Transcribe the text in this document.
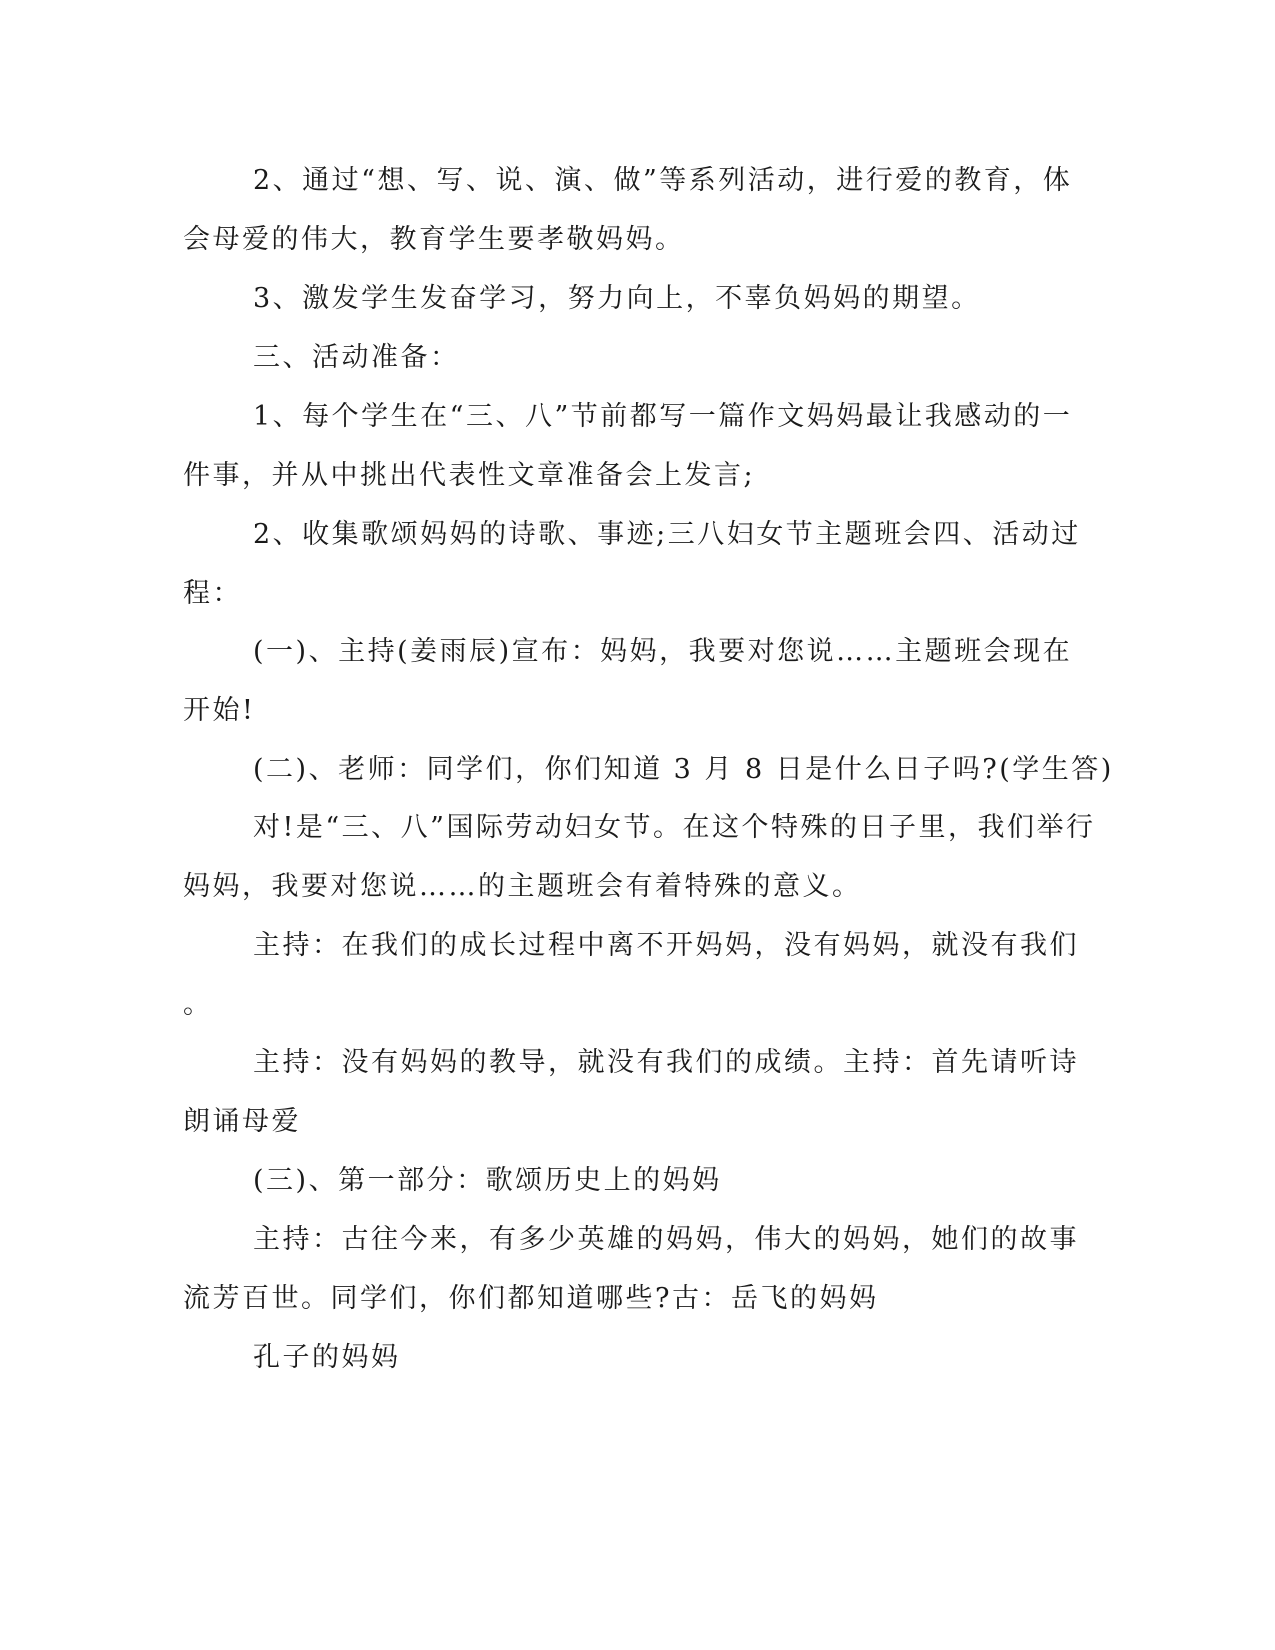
2、通过“想、写、说、演、做”等系列活动，进行爱的教育，体
会母爱的伟大，教育学生要孝敬妈妈。
3、激发学生发奋学习，努力向上，不辜负妈妈的期望。
三、活动准备：
1、每个学生在“三、八”节前都写一篇作文妈妈最让我感动的一
件事，并从中挑出代表性文章准备会上发言;
2、收集歌颂妈妈的诗歌、事迹;三八妇女节主题班会四、活动过
程：
(一)、主持(姜雨辰)宣布：妈妈，我要对您说……主题班会现在
开始!
(二)、老师：同学们，你们知道 3 月 8 日是什么日子吗?(学生答)
对!是“三、八”国际劳动妇女节。在这个特殊的日子里，我们举行
妈妈，我要对您说……的主题班会有着特殊的意义。
主持：在我们的成长过程中离不开妈妈，没有妈妈，就没有我们
。
主持：没有妈妈的教导，就没有我们的成绩。主持：首先请听诗
朗诵母爱
(三)、第一部分：歌颂历史上的妈妈
主持：古往今来，有多少英雄的妈妈，伟大的妈妈，她们的故事
流芳百世。同学们，你们都知道哪些?古：岳飞的妈妈
孔子的妈妈
